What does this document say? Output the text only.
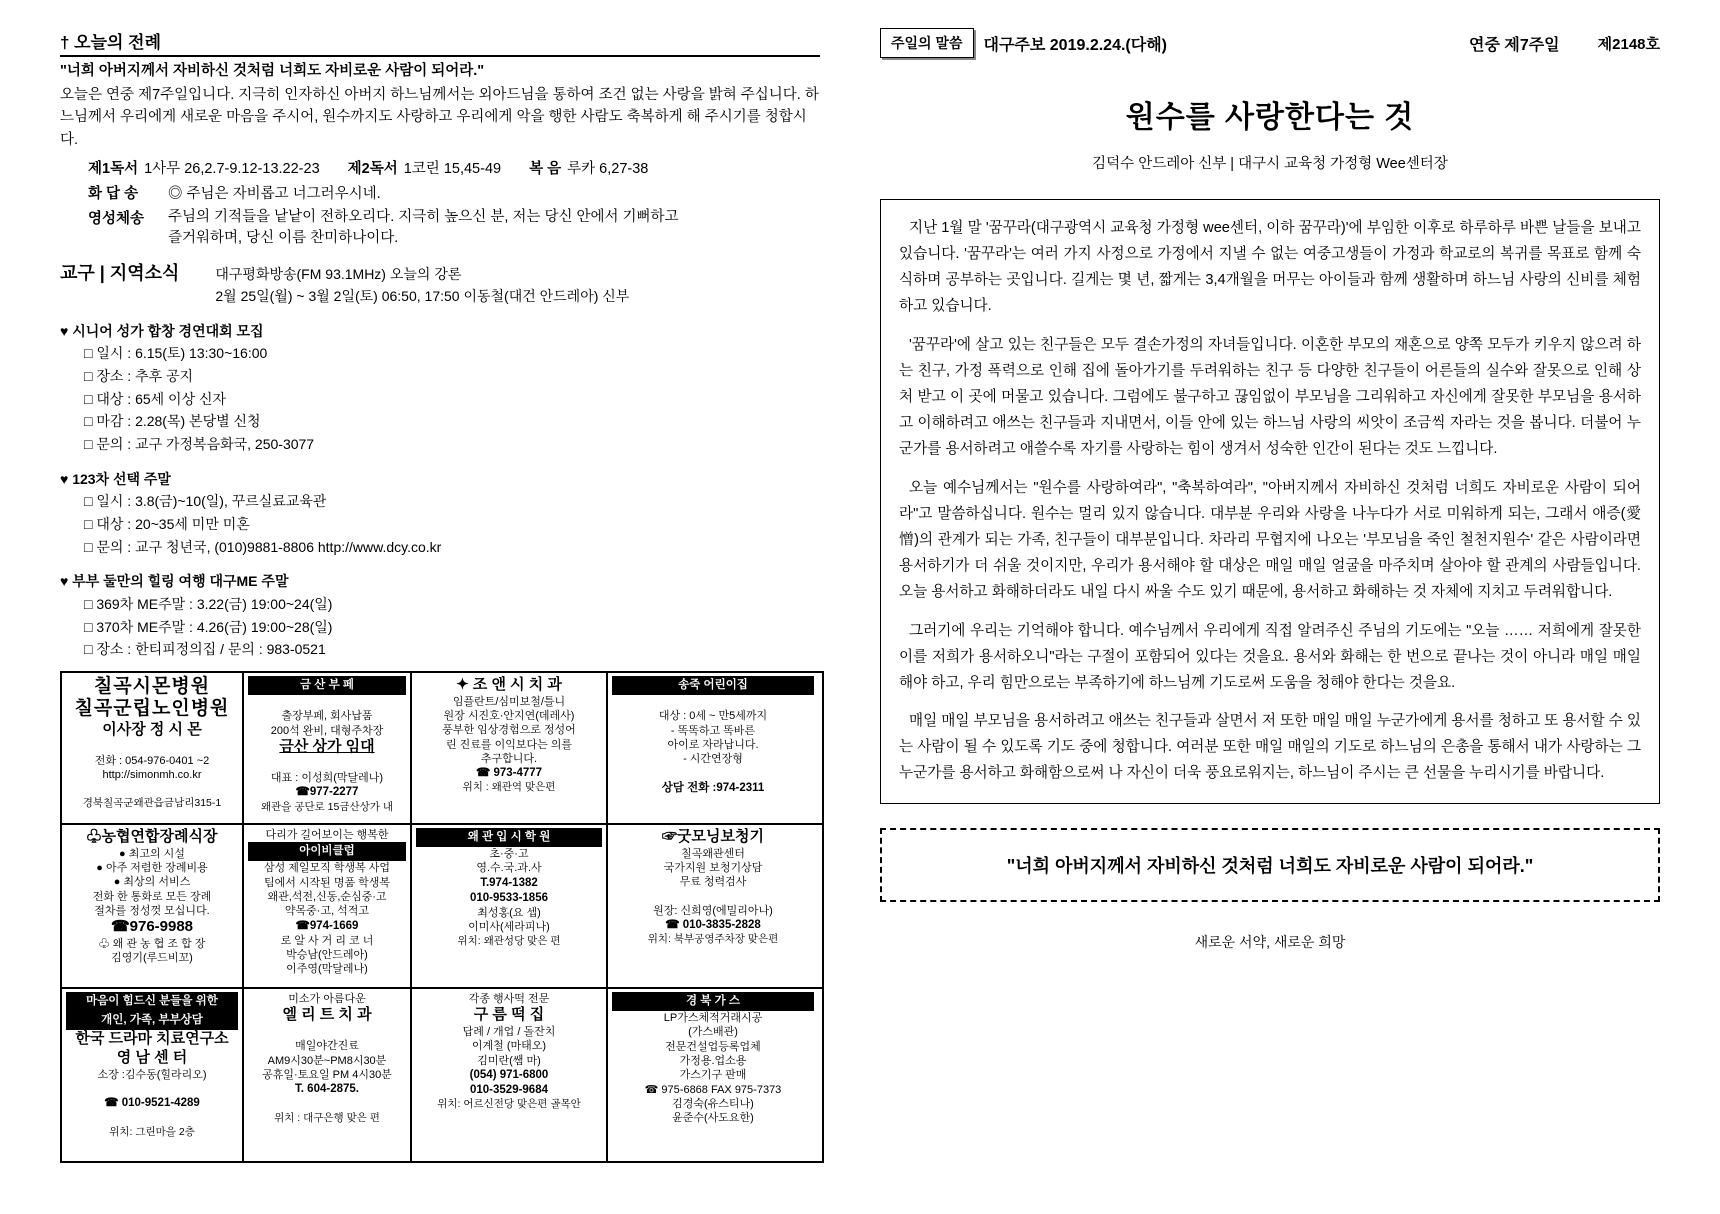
† 오늘의 전례
"너희 아버지께서 자비하신 것처럼 너희도 자비로운 사람이 되어라."
오늘은 연중 제7주일입니다. 지극히 인자하신 아버지 하느님께서는 외아드님을 통하여 조건 없는 사랑을 밝혀 주십니다. 하느님께서 우리에게 새로운 마음을 주시어, 원수까지도 사랑하고 우리에게 악을 행한 사람도 축복하게 해 주시기를 청합시다.
제1독서 1사무 26,2.7-9.12-13.22-23	제2독서 1코린 15,45-49	복 음 루카 6,27-38
화 답 송	◎ 주님은 자비롭고 너그러우시네.
영성체송	주님의 기적들을 낱낱이 전하오리다. 지극히 높으신 분, 저는 당신 안에서 기뻐하고 즐거워하며, 당신 이름 찬미하나이다.
교구 | 지역소식	대구평화방송(FM 93.1MHz) 오늘의 강론
2월 25일(월) ~ 3월 2일(토) 06:50, 17:50 이동철(대건 안드레아) 신부
♥ 시니어 성가 합창 경연대회 모집
□ 일시 : 6.15(토) 13:30~16:00
□ 장소 : 추후 공지
□ 대상 : 65세 이상 신자
□ 마감 : 2.28(목) 본당별 신청
□ 문의 : 교구 가정복음화국, 250-3077
♥ 123차 선택 주말
□ 일시 : 3.8(금)~10(일), 꾸르실료교육관
□ 대상 : 20~35세 미만 미혼
□ 문의 : 교구 청년국, (010)9881-8806 http://www.dcy.co.kr
♥ 부부 둘만의 힐링 여행 대구ME 주말
□ 369차 ME주말 : 3.22(금) 19:00~24(일)
□ 370차 ME주말 : 4.26(금) 19:00~28(일)
□ 장소 : 한티피정의집 / 문의 : 983-0521
칠곡시몬병원
칠곡군립노인병원
이사장 정 시 몬

전화 : 054-976-0401 ~2
http://simonmh.co.kr

경북칠곡군왜관읍금남리315-1
금 산 부 페

출장부페, 회사납품
200석 완비, 대형주차장
금산 상가 임대

대표 : 이성희(막달레나)
☎977-2277
왜관을 공단로 15금산상가 내
✦ 조 앤 시 치 과
임플란트/심미보철/틀니
원장 시진호·안지연(데레사)
풍부한 임상경험으로 정성어
린 진료를 이익보다는 의를
추구합니다.
☎ 973-4777
위치 : 왜관역 맞은편
송죽 어린이집

대상 : 0세 ~ 만5세까지
- 똑똑하고 똑바른
아이로 자라납니다.
- 시간연장형

상담 전화 :974-2311
♧농협연합장례식장
● 최고의 시설
● 아주 저렴한 장례비용
● 최상의 서비스
전화 한 통화로 모든 장례
절차를 정성껏 모십니다.
☎976-9988
♧ 왜 관 농 협 조 합 장
김영기(루드비꼬)
다리가 길어보이는 행복한
아이비클럽
삼성 제일모직 학생복 사업
팀에서 시작된 명품 학생복
왜관,석전,신동,순심중·고
약목중·고, 석적고
☎974-1669
로 알 사 거 리 코 너
박승남(안드레아)
이주영(막달레나)
왜 관 입 시 학 원
초·중·고
영.수.국.과.사
T.974-1382
010-9533-1856
최성홍(요 셉)
이미사(세라피나)
위치: 왜관성당 맞은 편
☞굿모닝보청기
칠곡왜관센터
국가지원 보청기상담
무료 청력검사

원장: 신희영(에밀리아나)
☎ 010-3835-2828
위치: 북부공영주차장 맞은편
마음이 힘드신 분들을 위한
개인, 가족, 부부상담
한국 드라마 치료연구소
영 남 센 터
소장 :김수동(힐라리오)

☎ 010-9521-4289

위치: 그린마을 2층
미소가 아름다운
엘 리 트 치 과

매일야간진료
AM9시30분~PM8시30분
공휴일·토요일 PM 4시30분
T. 604-2875.

위치 : 대구은행 맞은 편
각종 행사떡 전문
구 름 떡 집
답례 / 개업 / 돌잔치
이계철 (마태오)
김미란(쌤 마)
(054) 971-6800
010-3529-9684
위치: 어르신전당 맞은편 골목안
경 북 가 스
LP가스체적거래시공
(가스배관)
전문건설업등록업체
가정용.업소용
가스기구 판매
☎ 975-6868 FAX 975-7373
김경숙(유스티나)
윤준수(사도요한)
주일의 말씀	대구주보 2019.2.24.(다해)	연중 제7주일	제2148호
원수를 사랑한다는 것
김덕수 안드레아 신부 | 대구시 교육청 가정형 Wee센터장

지난 1월 말 '꿈꾸라(대구광역시 교육청 가정형 wee센터, 이하 꿈꾸라)'에 부임한 이후로 하루하루 바쁜 날들을 보내고 있습니다. '꿈꾸라'는 여러 가지 사정으로 가정에서 지낼 수 없는 여중고생들이 가정과 학교로의 복귀를 목표로 함께 숙식하며 공부하는 곳입니다. 길게는 몇 년, 짧게는 3,4개월을 머무는 아이들과 함께 생활하며 하느님 사랑의 신비를 체험하고 있습니다.

'꿈꾸라'에 살고 있는 친구들은 모두 결손가정의 자녀들입니다. 이혼한 부모의 재혼으로 양쪽 모두가 키우지 않으려 하는 친구, 가정 폭력으로 인해 집에 돌아가기를 두려워하는 친구 등 다양한 친구들이 어른들의 실수와 잘못으로 인해 상처 받고 이 곳에 머물고 있습니다. 그럼에도 불구하고 끊임없이 부모님을 그리워하고 자신에게 잘못한 부모님을 용서하고 이해하려고 애쓰는 친구들과 지내면서, 이들 안에 있는 하느님 사랑의 씨앗이 조금씩 자라는 것을 봅니다. 더불어 누군가를 용서하려고 애쓸수록 자기를 사랑하는 힘이 생겨서 성숙한 인간이 된다는 것도 느낍니다.

오늘 예수님께서는 "원수를 사랑하여라", "축복하여라", "아버지께서 자비하신 것처럼 너희도 자비로운 사람이 되어라"고 말씀하십니다. 원수는 멀리 있지 않습니다. 대부분 우리와 사랑을 나누다가 서로 미워하게 되는, 그래서 애증(愛憎)의 관계가 되는 가족, 친구들이 대부분입니다. 차라리 무협지에 나오는 '부모님을 죽인 철천지원수' 같은 사람이라면 용서하기가 더 쉬울 것이지만, 우리가 용서해야 할 대상은 매일 매일 얼굴을 마주치며 살아야 할 관계의 사람들입니다. 오늘 용서하고 화해하더라도 내일 다시 싸울 수도 있기 때문에, 용서하고 화해하는 것 자체에 지치고 두려워합니다.

그러기에 우리는 기억해야 합니다. 예수님께서 우리에게 직접 알려주신 주님의 기도에는 "오늘 …… 저희에게 잘못한 이를 저희가 용서하오니"라는 구절이 포함되어 있다는 것을요. 용서와 화해는 한 번으로 끝나는 것이 아니라 매일 매일 해야 하고, 우리 힘만으로는 부족하기에 하느님께 기도로써 도움을 청해야 한다는 것을요.

매일 매일 부모님을 용서하려고 애쓰는 친구들과 살면서 저 또한 매일 매일 누군가에게 용서를 청하고 또 용서할 수 있는 사람이 될 수 있도록 기도 중에 청합니다. 여러분 또한 매일 매일의 기도로 하느님의 은총을 통해서 내가 사랑하는 그 누군가를 용서하고 화해함으로써 나 자신이 더욱 풍요로워지는, 하느님이 주시는 큰 선물을 누리시기를 바랍니다.

"너희 아버지께서 자비하신 것처럼 너희도 자비로운 사람이 되어라."
새로운 서약, 새로운 희망
